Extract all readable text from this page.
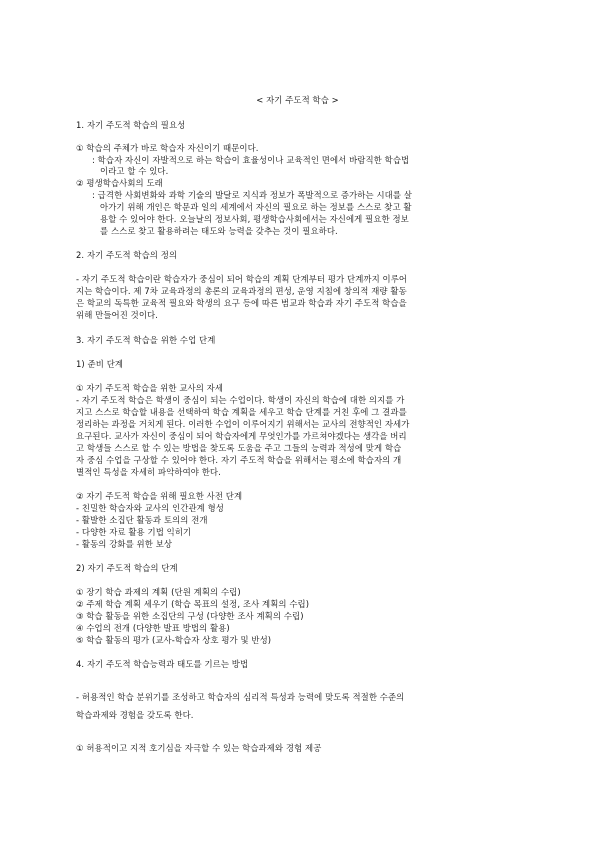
< 자기 주도적 학습 >
1. 자기 주도적 학습의 필요성
① 학습의 주체가 바로 학습자 자신이기 때문이다.
: 학습자 자신이 자발적으로 하는 학습이 효율성이나 교육적인 면에서 바람직한 학습법
이라고 할 수 있다.
② 평생학습사회의 도래
: 급격한 사회변화와 과학 기술의 발달로 지식과 정보가 폭발적으로 증가하는 시대를 살
아가기 위해 개인은 학문과 일의 세계에서 자신의 필요로 하는 정보를 스스로 찾고 활
용할 수 있어야 한다. 오늘날의 정보사회, 평생학습사회에서는 자신에게 필요한 정보
를 스스로 찾고 활용하려는 태도와 능력을 갖추는 것이 필요하다.
2. 자기 주도적 학습의 정의
- 자기 주도적 학습이란 학습자가 중심이 되어 학습의 계획 단계부터 평가 단계까지 이루어
지는 학습이다. 제 7차 교육과정의 총론의 교육과정의 편성, 운영 지침에 창의적 재량 활동
은 학교의 독특한 교육적 필요와 학생의 요구 등에 따른 범교과 학습과 자기 주도적 학습을
위해 만들어진 것이다.
3. 자기 주도적 학습을 위한 수업 단계
1) 준비 단계
① 자기 주도적 학습을 위한 교사의 자세
- 자기 주도적 학습은 학생이 중심이 되는 수업이다. 학생이 자신의 학습에 대한 의지를 가
지고 스스로 학습할 내용을 선택하여 학습 계획을 세우고 학습 단계를 거친 후에 그 결과를
정리하는 과정을 거치게 된다. 이러한 수업이 이루어지기 위해서는 교사의 전향적인 자세가
요구된다. 교사가 자신이 중심이 되어 학습자에게 무엇인가를 가르쳐야겠다는 생각을 버리
고 학생들 스스로 할 수 있는 방법을 찾도록 도움을 주고 그들의 능력과 적성에 맞게 학습
자 중심 수업을 구상할 수 있어야 한다. 자기 주도적 학습을 위해서는 평소에 학습자의 개
별적인 특성을 자세히 파악하여야 한다.
② 자기 주도적 학습을 위해 필요한 사전 단계
- 친밀한 학습자와 교사의 인간관계 형성
- 활발한 소집단 활동과 토의의 전개
- 다양한 자료 활용 기법 익히기
- 활동의 강화를 위한 보상
2) 자기 주도적 학습의 단계
① 장기 학습 과제의 계획 (단원 계획의 수립)
② 주제 학습 계획 세우기 (학습 목표의 설정, 조사 계획의 수립)
③ 학습 활동을 위한 소집단의 구성 (다양한 조사 계획의 수립)
④ 수업의 전개 (다양한 발표 방법의 활용)
⑤ 학습 활동의 평가 (교사-학습자 상호 평가 및 반성)
4. 자기 주도적 학습능력과 태도를 기르는 방법
- 허용적인 학습 분위기를 조성하고 학습자의 심리적 특성과 능력에 맞도록 적절한 수준의
학습과제와 경험을 갖도록 한다.
① 허용적이고 지적 호기심을 자극할 수 있는 학습과제와 경험 제공
